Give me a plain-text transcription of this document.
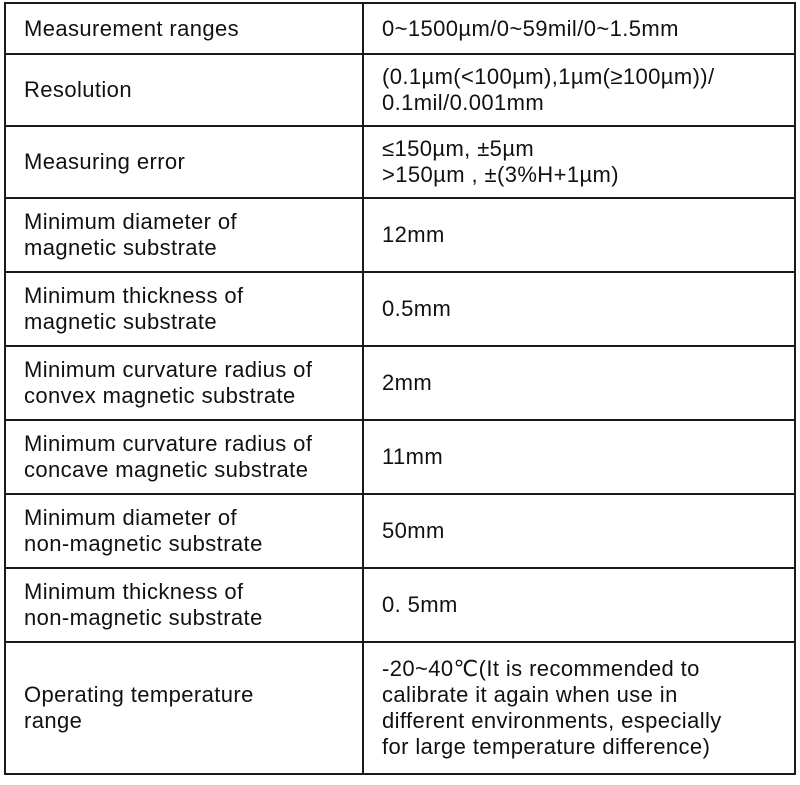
Measurement ranges	0~1500µm/0~59mil/0~1.5mm
Resolution	(0.1µm(<100µm),1µm(≥100µm))/
0.1mil/0.001mm
Measuring error	≤150µm, ±5µm
>150µm , ±(3%H+1µm)
Minimum diameter of
magnetic substrate	12mm
Minimum thickness of
magnetic substrate	0.5mm
Minimum curvature radius of
convex magnetic substrate	2mm
Minimum curvature radius of
concave magnetic substrate	11mm
Minimum diameter of
non-magnetic substrate	50mm
Minimum thickness of
non-magnetic substrate	0. 5mm
Operating temperature
range	-20~40℃(It is recommended to
calibrate it again when use in
different environments, especially
for large temperature difference)
